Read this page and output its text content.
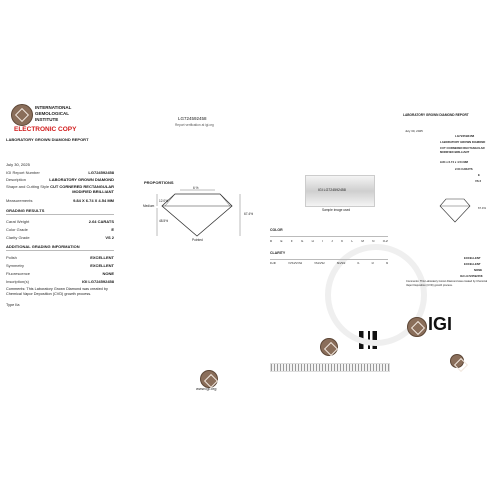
INTERNATIONAL
GEMOLOGICAL
INSTITUTE
ELECTRONIC COPY
LABORATORY GROWN DIAMOND REPORT
LG724592458
Report verification at igi.org
July 30, 2025
IGI Report Number	LG724592458
Description	LABORATORY GROWN DIAMOND
Shape and Cutting Style CUT CORNERED RECTANGULAR MODIFIED BRILLIANT
Measurements	9.84 X 6.74 X 4.54 MM
GRADING RESULTS
Carat Weight	2.64 CARATS
Color Grade	E
Clarity Grade	VS 2
ADDITIONAL GRADING INFORMATION
Polish	EXCELLENT
Symmetry	EXCELLENT
Fluorescence	NONE
Inscription(s)	IGI LG724592458
Comments: This Laboratory Grown Diamond was created by Chemical Vapor Deposition (CVD) growth process.
Type IIa
PROPORTIONS
6 %
12.0%
48.5%
67.4%
Medium
Pointed
www.igi.org
IGI LG724592458
Sample image used
COLOR
D	E	F	G	H	I	J	K	L	M	N	O-Z
CLARITY
FL/IF	VVS1/VVS2	VS1/VS2	SI1/SI2	I1	I2	I3
IGI
LABORATORY GROWN DIAMOND REPORT
July 30, 2025
LG724592458
LABORATORY GROWN DIAMOND
CUT CORNERED RECTANGULAR MODIFIED BRILLIANT
9.84 x 6.74 x 4.54 MM
2.64 CARATS
E
VS 2
67.4%
EXCELLENT
EXCELLENT
NONE
IGI LG724592458
Comments: This Laboratory Grown Diamond was created by Chemical Vapor Deposition (CVD) growth process.
